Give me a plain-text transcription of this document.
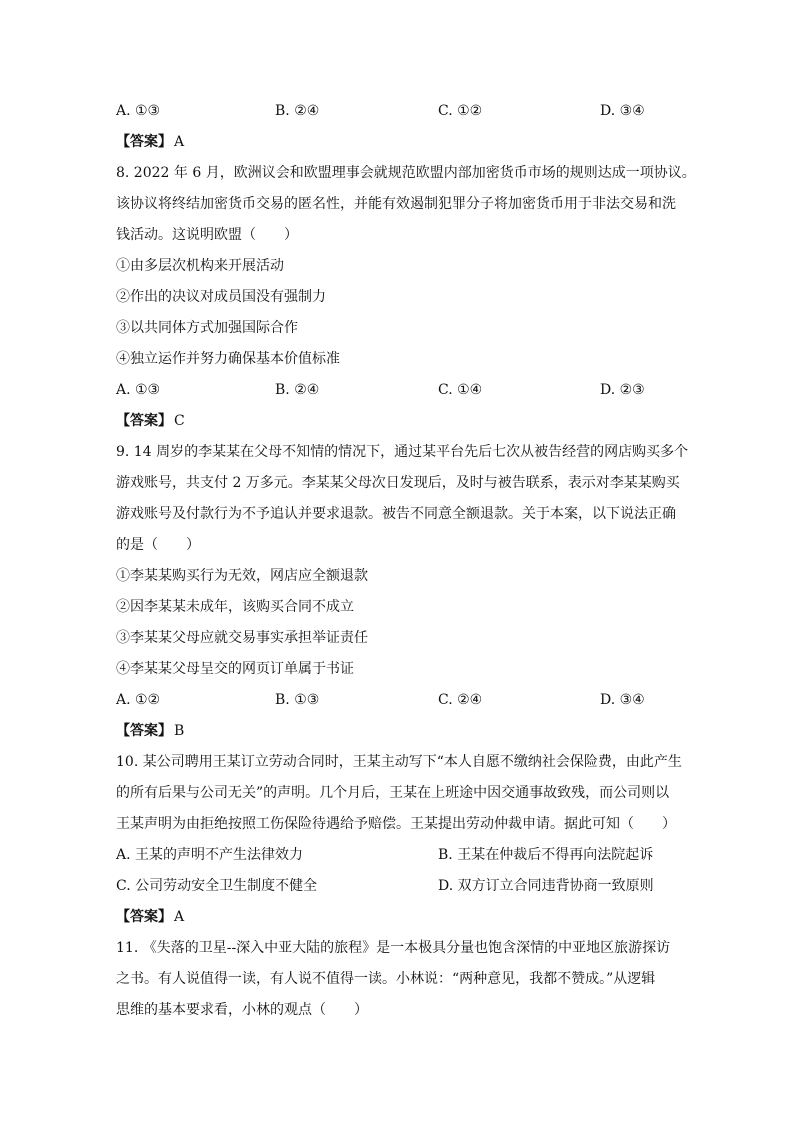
A. ①③	B. ②④	C. ①②	D. ③④
【答案】 A
8. 2022 年 6 月，欧洲议会和欧盟理事会就规范欧盟内部加密货币市场的规则达成一项协议。
该协议将终结加密货币交易的匿名性，并能有效遏制犯罪分子将加密货币用于非法交易和洗
钱活动。这说明欧盟（　　）
①由多层次机构来开展活动
②作出的决议对成员国没有强制力
③以共同体方式加强国际合作
④独立运作并努力确保基本价值标准
A. ①③	B. ②④	C. ①④	D. ②③
【答案】 C
9. 14 周岁的李某某在父母不知情的情况下，通过某平台先后七次从被告经营的网店购买多个
游戏账号，共支付 2 万多元。李某某父母次日发现后，及时与被告联系，表示对李某某购买
游戏账号及付款行为不予追认并要求退款。被告不同意全额退款。关于本案，以下说法正确
的是（　　）
①李某某购买行为无效，网店应全额退款
②因李某某未成年，该购买合同不成立
③李某某父母应就交易事实承担举证责任
④李某某父母呈交的网页订单属于书证
A. ①②	B. ①③	C. ②④	D. ③④
【答案】 B
10. 某公司聘用王某订立劳动合同时，王某主动写下“本人自愿不缴纳社会保险费，由此产生
的所有后果与公司无关”的声明。几个月后，王某在上班途中因交通事故致残，而公司则以
王某声明为由拒绝按照工伤保险待遇给予赔偿。王某提出劳动仲裁申请。据此可知（　　）
A. 王某的声明不产生法律效力	B. 王某在仲裁后不得再向法院起诉
C. 公司劳动安全卫生制度不健全	D. 双方订立合同违背协商一致原则
【答案】 A
11. 《失落的卫星--深入中亚大陆的旅程》是一本极具分量也饱含深情的中亚地区旅游探访
之书。有人说值得一读，有人说不值得一读。小林说：“两种意见，我都不赞成。”从逻辑
思维的基本要求看，小林的观点（　　）
